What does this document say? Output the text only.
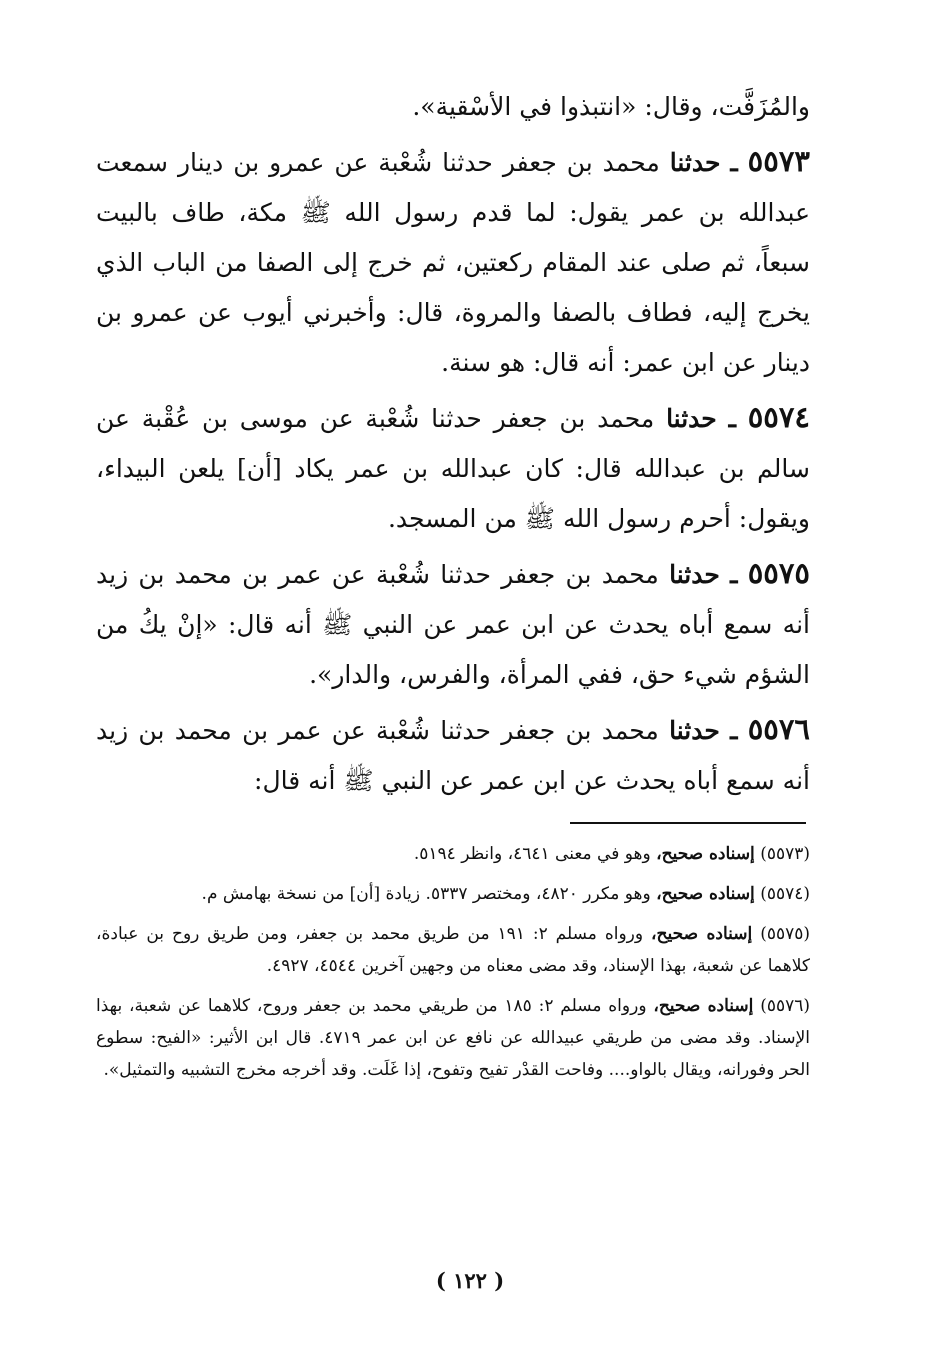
والمُزَفَّت، وقال: «انتبذوا في الأسْقية».

٥٥٧٣ ـ حدثنا محمد بن جعفر حدثنا شُعْبة عن عمرو بن دينار سمعت عبدالله بن عمر يقول: لما قدم رسول الله ﷺ مكة، طاف بالبيت سبعاً، ثم صلى عند المقام ركعتين، ثم خرج إلى الصفا من الباب الذي يخرج إليه، فطاف بالصفا والمروة، قال: وأخبرني أيوب عن عمرو بن دينار عن ابن عمر: أنه قال: هو سنة.

٥٥٧٤ ـ حدثنا محمد بن جعفر حدثنا شُعْبة عن موسى بن عُقْبة عن سالم بن عبدالله قال: كان عبدالله بن عمر يكاد [أن] يلعن البيداء، ويقول: أحرم رسول الله ﷺ من المسجد.

٥٥٧٥ ـ حدثنا محمد بن جعفر حدثنا شُعْبة عن عمر بن محمد بن زيد أنه سمع أباه يحدث عن ابن عمر عن النبي ﷺ أنه قال: «إنْ يكُ من الشؤم شيء حق، ففي المرأة، والفرس، والدار».

٥٥٧٦ ـ حدثنا محمد بن جعفر حدثنا شُعْبة عن عمر بن محمد بن زيد أنه سمع أباه يحدث عن ابن عمر عن النبي ﷺ أنه قال:

(٥٥٧٣) إسناده صحيح، وهو في معنى ٤٦٤١، وانظر ٥١٩٤.

(٥٥٧٤) إسناده صحيح، وهو مكرر ٤٨٢٠، ومختصر ٥٣٣٧. زيادة [أن] من نسخة بهامش م.

(٥٥٧٥) إسناده صحيح، ورواه مسلم ٢: ١٩١ من طريق محمد بن جعفر، ومن طريق روح بن عبادة، كلاهما عن شعبة، بهذا الإسناد، وقد مضى معناه من وجهين آخرين ٤٥٤٤، ٤٩٢٧.

(٥٥٧٦) إسناده صحيح، ورواه مسلم ٢: ١٨٥ من طريقي محمد بن جعفر وروح، كلاهما عن شعبة، بهذا الإسناد. وقد مضى من طريقي عبيدالله عن نافع عن ابن عمر ٤٧١٩. قال ابن الأثير: «الفيح: سطوع الحر وفورانه، ويقال بالواو.... وفاحت القدْر تفيح وتفوح، إذا غَلَت. وقد أخرجه مخرج التشبيه والتمثيل».

( ١٢٢ )
